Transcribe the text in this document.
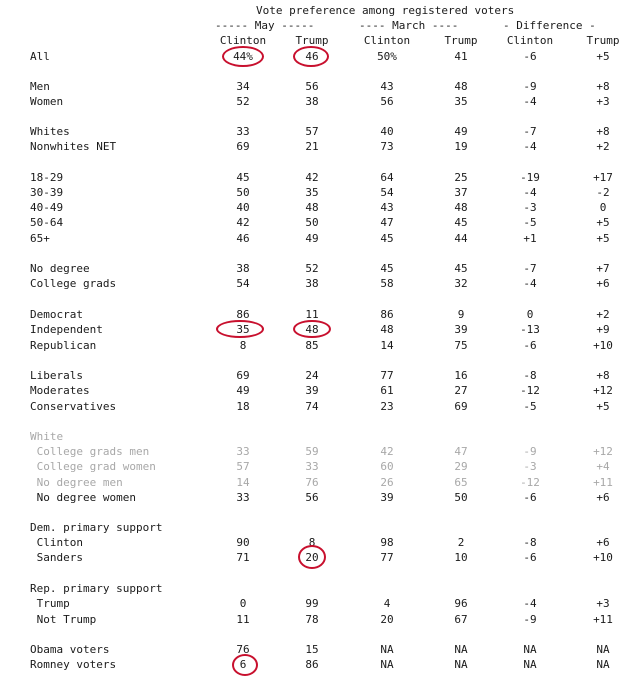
Vote preference among registered voters
----- May -----	---- March ----	- Difference -
Clinton	Trump	Clinton	Trump	Clinton	Trump
All	44%	46	50%	41	-6	+5
Men	34	56	43	48	-9	+8
Women	52	38	56	35	-4	+3
Whites	33	57	40	49	-7	+8
Nonwhites NET	69	21	73	19	-4	+2
18-29	45	42	64	25	-19	+17
30-39	50	35	54	37	-4	-2
40-49	40	48	43	48	-3	0
50-64	42	50	47	45	-5	+5
65+	46	49	45	44	+1	+5
No degree	38	52	45	45	-7	+7
College grads	54	38	58	32	-4	+6
Democrat	86	11	86	9	0	+2
Independent	35	48	48	39	-13	+9
Republican	8	85	14	75	-6	+10
Liberals	69	24	77	16	-8	+8
Moderates	49	39	61	27	-12	+12
Conservatives	18	74	23	69	-5	+5
White
College grads men	33	59	42	47	-9	+12
College grad women	57	33	60	29	-3	+4
No degree men	14	76	26	65	-12	+11
No degree women	33	56	39	50	-6	+6
Dem. primary support
Clinton	90	8	98	2	-8	+6
Sanders	71	20	77	10	-6	+10
Rep. primary support
Trump	0	99	4	96	-4	+3
Not Trump	11	78	20	67	-9	+11
Obama voters	76	15	NA	NA	NA	NA
Romney voters	6	86	NA	NA	NA	NA
